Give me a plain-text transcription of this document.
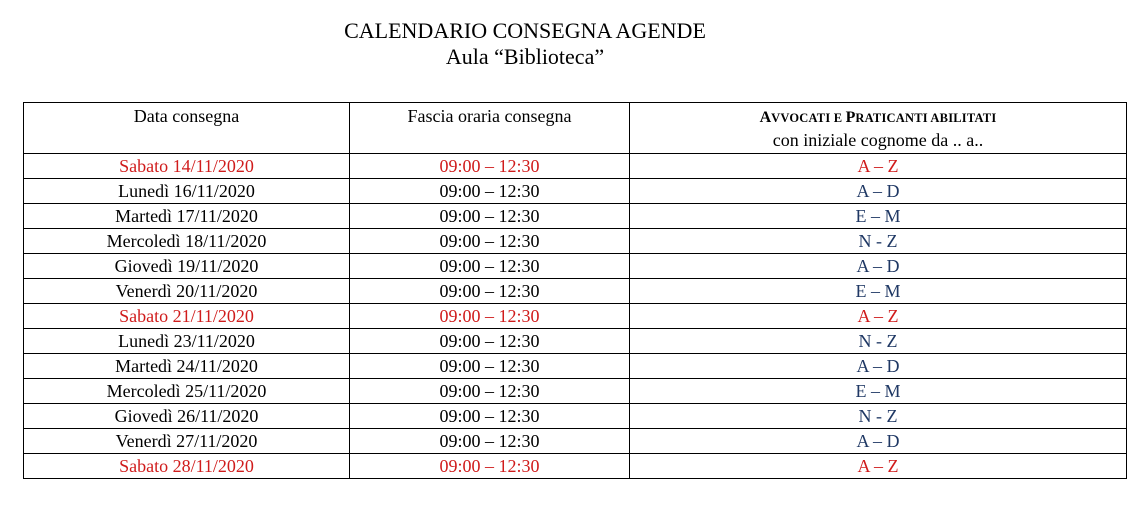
CALENDARIO CONSEGNA AGENDE
Aula “Biblioteca”
Data consegna	Fascia oraria consegna	AVVOCATI E PRATICANTI ABILITATI
con iniziale cognome da .. a..

Sabato 14/11/2020	09:00 – 12:30	A – Z
Lunedì 16/11/2020	09:00 – 12:30	A – D
Martedì 17/11/2020	09:00 – 12:30	E – M
Mercoledì 18/11/2020	09:00 – 12:30	N - Z
Giovedì 19/11/2020	09:00 – 12:30	A – D
Venerdì 20/11/2020	09:00 – 12:30	E – M
Sabato 21/11/2020	09:00 – 12:30	A – Z
Lunedì 23/11/2020	09:00 – 12:30	N - Z
Martedì 24/11/2020	09:00 – 12:30	A – D
Mercoledì 25/11/2020	09:00 – 12:30	E – M
Giovedì 26/11/2020	09:00 – 12:30	N - Z
Venerdì 27/11/2020	09:00 – 12:30	A – D
Sabato 28/11/2020	09:00 – 12:30	A – Z
